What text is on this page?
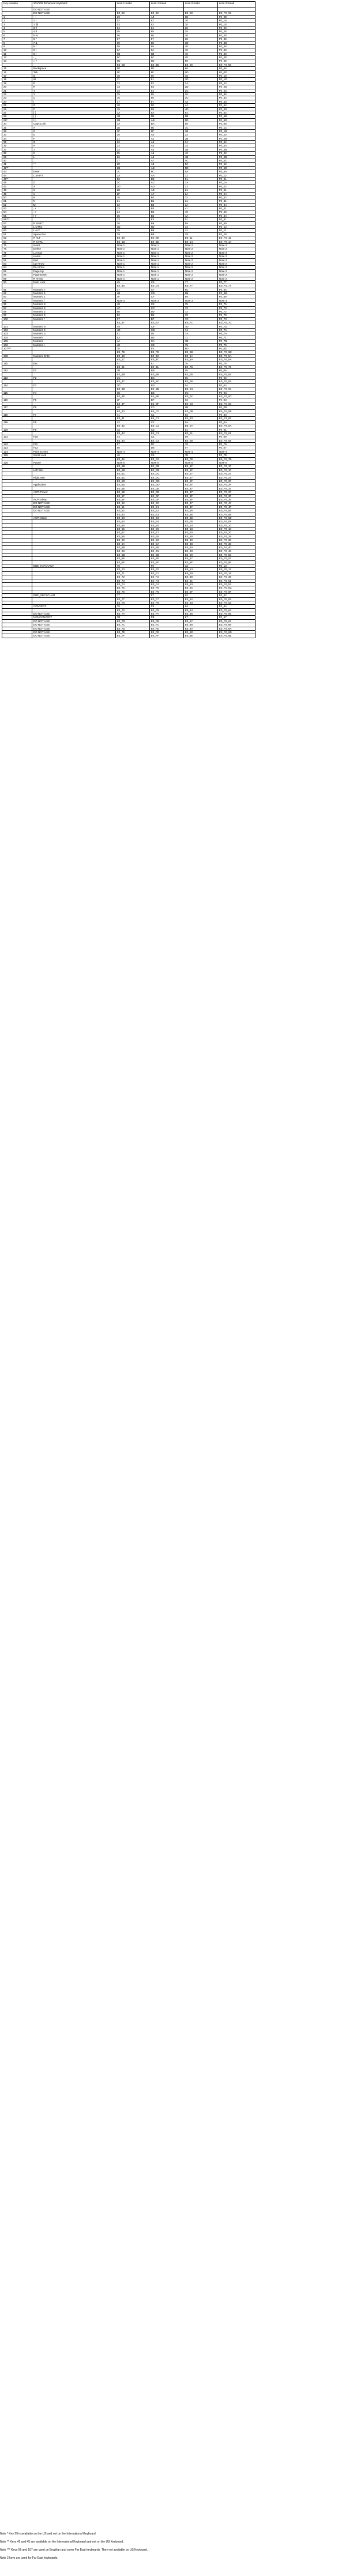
Key location	101/102 Enhanced keyboard	scan 1 make	scan 1 break	scan 2 make	scan 2 break
	DO NOT USE				
	DO NOT USE	E0_00	E0_80	E0_00	E0_F0_00
1	` ~	29	A9	0E	F0_0E
2	1 !	02	82	16	F0_16
3	2 @	03	83	1E	F0_1E
4	3 #	04	84	26	F0_26
5	4 $	05	85	25	F0_25
6	5 %	06	86	2E	F0_2E
7	6 ^	07	87	36	F0_36
8	7 &	08	88	3D	F0_3D
9	8 *	09	89	3E	F0_3E
10	9 (	0A	8A	46	F0_46
11	0 )	0B	8B	45	F0_45
12	- _	0C	8C	4E	F0_4E
13	= +	0D	8D	55	F0_55
		E0_0D	E0_8D	E0_55	E0_F0_55
15	Backspace	0E	8E	66	F0_66
16	Tab	0F	8F	0D	F0_0D
17	Q	10	90	15	F0_15
18	W	11	91	1D	F0_1D
19	E	12	92	24	F0_24
20	R	13	93	2D	F0_2D
21	T	14	94	2C	F0_2C
22	Y	15	95	35	F0_35
23	U	16	96	3C	F0_3C
24	I	17	97	43	F0_43
25	O	18	98	44	F0_44
26	P	19	99	4D	F0_4D
27	[ {	1A	9A	54	F0_54
28	] }	1B	9B	5B	F0_5B
29*	\ |	2B	AB	5D	F0_5D
30	Caps Lock	3A	BA	58	F0_58
31	A	1E	9E	1C	F0_1C
32	S	1F	9F	1B	F0_1B
33	D	20	A0	23	F0_23
34	F	21	A1	2B	F0_2B
35	G	22	A2	34	F0_34
36	H	23	A3	33	F0_33
37	J	24	A4	3B	F0_3B
38	K	25	A5	42	F0_42
39	L	26	A6	4B	F0_4B
40	; :	27	A7	4C	F0_4C
41	' "	28	A8	52	F0_52
42**		2B	AB	5D	F0_5D
43	Enter	1C	9C	5A	F0_5A
44	L SHIFT	2A	AA	12	F0_12
45**		56	D6	61	F0_61
46	Z	2C	AC	1A	F0_1A
47	X	2D	AD	22	F0_22
48	C	2E	AE	21	F0_21
49	V	2F	AF	2A	F0_2A
50	B	30	B0	32	F0_32
51	N	31	B1	31	F0_31
52	M	32	B2	3A	F0_3A
53	, <	33	B3	41	F0_41
54	. >	34	B4	49	F0_49
55	/ ?	35	B5	4A	F0_4A
56***		73	F3	51	F0_51
57	R SHIFT	36	B6	59	F0_59
58	L CTRL	1D	9D	14	F0_14
60	L ALT	38	B8	11	F0_11
61	Space Bar	39	B9	29	F0_29
62	R ALT	E0_38	E0_B8	E0_11	E0_F0_11
64	R CTRL	E0_1D	E0_9D	E0_14	E0_F0_14
75	Insert	Note 1	Note 1	Note 2	Note 2
76	Delete	Note 1	Note 1	Note 2	Note 2
79	L Arrow	Note 1	Note 1	Note 2	Note 2
80	Home	Note 1	Note 1	Note 2	Note 2
81	End	Note 1	Note 1	Note 2	Note 2
83	Up Arrow	Note 1	Note 1	Note 2	Note 2
84	Dn Arrow	Note 1	Note 1	Note 2	Note 2
85	Page Up	Note 1	Note 1	Note 2	Note 2
86	Page Down	Note 1	Note 1	Note 2	Note 2
89	R Arrow	Note 1	Note 1	Note 2	Note 2
90	Num Lock	45	C5	77	F0_77
		E0_45	E0_C5	E0_77	E0_F0_77
91	Numeric 7	47	C7	6C	F0_6C
92	Numeric 4	4B	CB	6B	F0_6B
93	Numeric 1	4F	CF	69	F0_69
95	Numeric /	Note 3	Note 3	Note 3	Note 3
96	Numeric 8	48	C8	75	F0_75
97	Numeric 5	4C	CC	73	F0_73
98	Numeric 2	50	D0	72	F0_72
99	Numeric 0	52	D2	70	F0_70
100	Numeric *	37	B7	7C	F0_7C
		E0_37	E0_B7	E0_7C	E0_F0_7C
101	Numeric 9	49	C9	7D	F0_7D
102	Numeric 6	4D	CD	74	F0_74
103	Numeric 3	51	D1	7A	F0_7A
104	Numeric .	53	D3	71	F0_71
105	Numeric -	4A	CA	7B	F0_7B
106	Numeric +	4E	CE	79	F0_79
107***		7E	FE	6D	F0_6D
		E0_7E	E0_FE	E0_6D	E0_F0_6D
108	Numeric Enter	E0_1C	E0_9C	E0_5A	E0_F0_5A
		E0_1C	E0_9C	E0_5A	E0_F0_5A
110	Esc	01	81	76	F0_76
		E0_01	E0_81	E0_76	E0_F0_76
112	F1	3B	BB	05	F0_05
		E0_3B	E0_BB	E0_05	E0_F0_05
113	F2	3C	BC	06	F0_06
		E0_3C	E0_BC	E0_06	E0_F0_06
114	F3	3D	BD	04	F0_04
		E0_3D	E0_BD	E0_04	E0_F0_04
115	F4	3E	BE	0C	F0_0C
		E0_3E	E0_BE	E0_0C	E0_F0_0C
116	F5	3F	BF	03	F0_03
		E0_3F	E0_BF	E0_03	E0_F0_03
117	F6	40	C0	0B	F0_0B
		E0_40	E0_C0	E0_0B	E0_F0_0B
118	F7	41	C1	83	F0_83
		E0_41	E0_C1	E0_83	E0_F0_83
119	F8	42	C2	0A	F0_0A
		E0_42	E0_C2	E0_0A	E0_F0_0A
120	F9	43	C3	01	F0_01
		E0_43	E0_C3	E0_01	E0_F0_01
121	F10	44	C4	09	F0_09
		E0_44	E0_C4	E0_09	E0_F0_09
122	F11	57	D7	78	F0_78
123	F12	58	D8	07	F0_07
124	Print Screen	Note 4	Note 4	Note 4	Note 4
125	Scroll Lock	46	C6	7E	F0_7E
		E0_46	E0_C6	E0_7E	E0_F0_7E
126	Pause	Note 5	Note 5	Note 5	Note 5
		E0_5B	E0_DB	E0_1F	E0_F0_1F
	Left Win	E0_5B	E0_DB	E0_1F	E0_F0_1F
		E0_5C	E0_DC	E0_27	E0_F0_27
	Right Win	E0_5C	E0_DC	E0_27	E0_F0_27
		E0_5D	E0_DD	E0_2F	E0_F0_2F
	Application	E0_5D	E0_DD	E0_2F	E0_F0_2F
		E0_5E	E0_DE	E0_37	E0_F0_37
	ACPI Power	E0_5E	E0_DE	E0_37	E0_F0_37
		E0_5F	E0_DF	E0_3F	E0_F0_3F
	ACPI Sleep	E0_5F	E0_DF	E0_3F	E0_F0_3F
	DO NOT USE	E0_60	E0_E0	E0_47	E0_F0_47
	DO NOT USE	E0_61	E0_E1	E0_4F	E0_F0_4F
	DO NOT USE	E0_62	E0_E2	E0_56	E0_F0_56
		E0_63	E0_E3	E0_5E	E0_F0_5E
	ACPI Wake	E0_63	E0_E3	E0_5E	E0_F0_5E
		E0_64	E0_E4	E0_08	E0_F0_08
		E0_65	E0_E5	E0_10	E0_F0_10
		E0_66	E0_E6	E0_18	E0_F0_18
		E0_67	E0_E7	E0_20	E0_F0_20
		E0_68	E0_E8	E0_28	E0_F0_28
		E0_69	E0_E9	E0_30	E0_F0_30
		E0_6A	E0_EA	E0_38	E0_F0_38
		E0_6B	E0_EB	E0_40	E0_F0_40
		E0_6C	E0_EC	E0_48	E0_F0_48
		E0_6D	E0_ED	E0_50	E0_F0_50
		E0_6E	E0_EE	E0_57	E0_F0_57
		E0_6F	E0_EF	E0_6F	E0_F0_6F
	DBE_KATAKANA	70	F0	13	F0_13
		E0_70	E0_F0	E0_13	E0_F0_13
		E0_71	E0_F1	E0_19	E0_F0_19
		E0_72	E0_F2	E0_39	E0_F0_39
		E0_73	E0_F3	E0_51	E0_F0_51
		E0_74	E0_F4	E0_53	E0_F0_53
		E0_75	E0_F5	E0_5C	E0_F0_5C
		E0_76	E0_F6	E0_5F	E0_F0_5F
	DBE_SBCSCHAR	77	F7	62	F0_62
		E0_77	E0_F7	E0_62	E0_F0_62
		E0_78	E0_F8	E0_63	E0_F0_63
	CONVERT	79	F9	64	F0_64
		E0_79	E0_F9	E0_64	E0_F0_64
	DO NOT USE	E0_7A	E0_FA	E0_65	E0_F0_65
	NONCONVERT	7B	FB	67	F0_67
	DO NOT USE	E0_7B	E0_FB	E0_67	E0_F0_67
	DO NOT USE	E0_7C	E0_FC	E0_68	E0_F0_68
	DO NOT USE	E0_7D	E0_FD	E0_6A	E0_F0_6A
	DO NOT USE	E0_7E	E0_FE	E0_6D	E0_F0_6D
	DO NOT USE	E0_7F	E0_FF	E0_6E	E0_F0_6E

Note * Key 29 is available on the US and not on the International Keyboard.

Note ** Keys 42 and 45 are available on the International Keyboard and not on the US Keyboard.

Note *** Keys 56 and 107 are used on Brazilian and some Far East keyboards. They not available on US Keyboard.

Note 2 keys are used for Far East keyboards.
